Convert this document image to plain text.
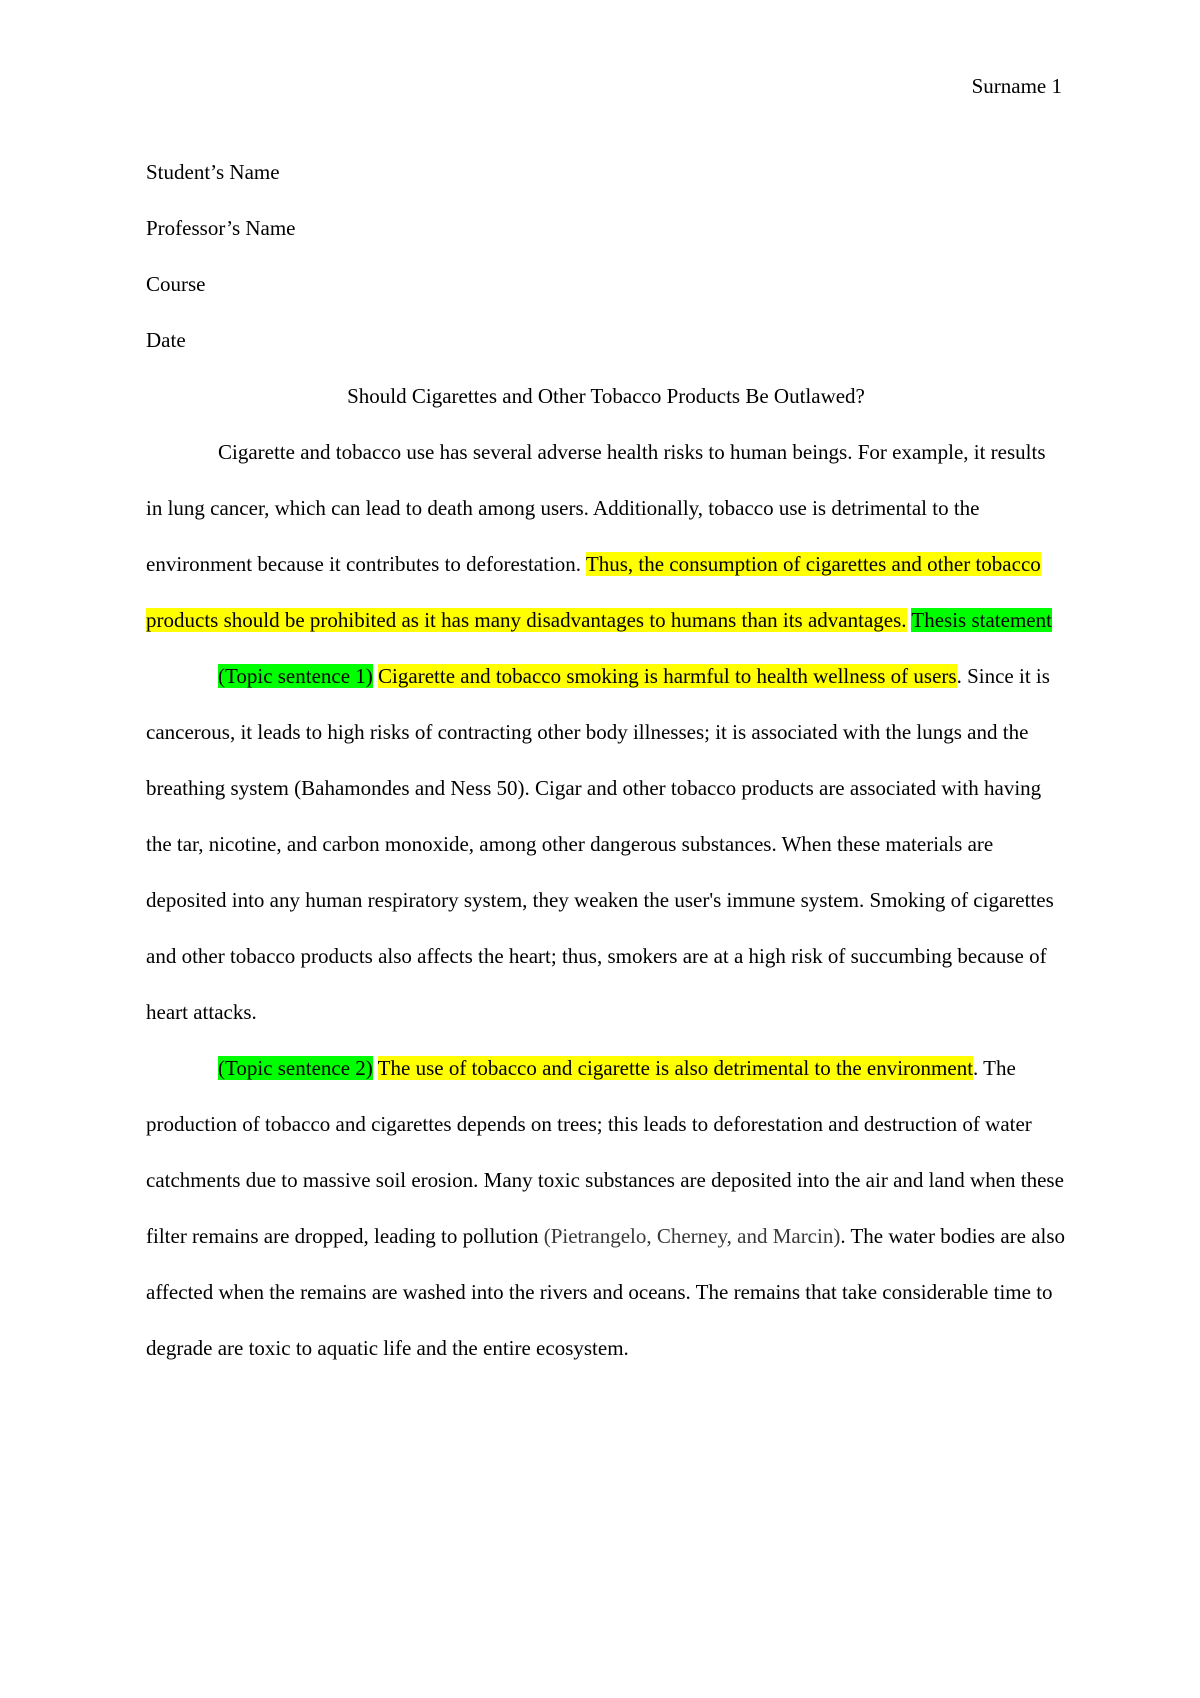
Surname 1

Student’s Name

Professor’s Name

Course

Date

Should Cigarettes and Other Tobacco Products Be Outlawed?

Cigarette and tobacco use has several adverse health risks to human beings. For example, it results in lung cancer, which can lead to death among users. Additionally, tobacco use is detrimental to the environment because it contributes to deforestation. Thus, the consumption of cigarettes and other tobacco products should be prohibited as it has many disadvantages to humans than its advantages. Thesis statement

(Topic sentence 1) Cigarette and tobacco smoking is harmful to health wellness of users. Since it is cancerous, it leads to high risks of contracting other body illnesses; it is associated with the lungs and the breathing system (Bahamondes and Ness 50). Cigar and other tobacco products are associated with having the tar, nicotine, and carbon monoxide, among other dangerous substances. When these materials are deposited into any human respiratory system, they weaken the user's immune system. Smoking of cigarettes and other tobacco products also affects the heart; thus, smokers are at a high risk of succumbing because of heart attacks.

(Topic sentence 2) The use of tobacco and cigarette is also detrimental to the environment. The production of tobacco and cigarettes depends on trees; this leads to deforestation and destruction of water catchments due to massive soil erosion. Many toxic substances are deposited into the air and land when these filter remains are dropped, leading to pollution (Pietrangelo, Cherney, and Marcin). The water bodies are also affected when the remains are washed into the rivers and oceans. The remains that take considerable time to degrade are toxic to aquatic life and the entire ecosystem.
